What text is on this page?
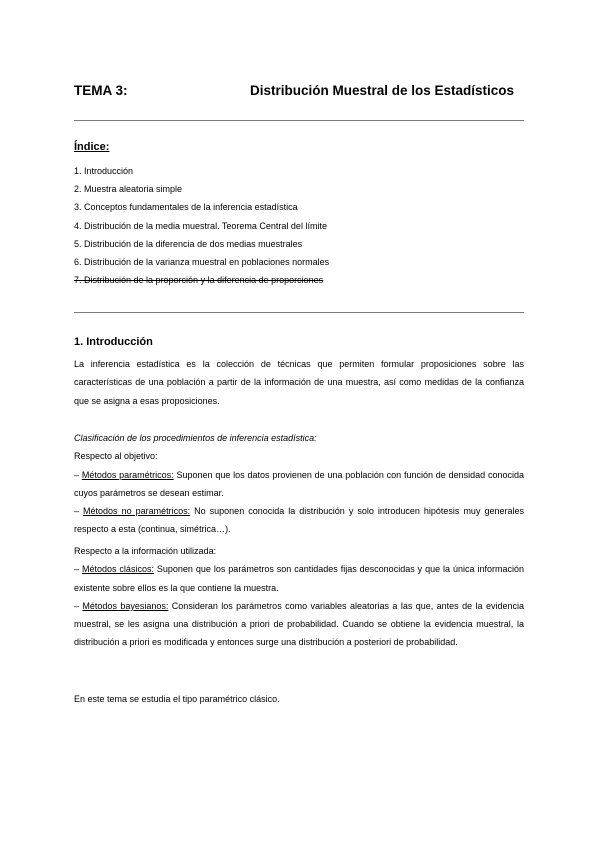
TEMA 3:	Distribución Muestral de los Estadísticos
Índice:
1. Introducción
2. Muestra aleatoria simple
3. Conceptos fundamentales de la inferencia estadística
4. Distribución de la media muestral. Teorema Central del límite
5. Distribución de la diferencia de dos medias muestrales
6. Distribución de la varianza muestral en poblaciones normales
7. Distribución de la proporción y la diferencia de proporciones
1. Introducción

La inferencia estadística es la colección de técnicas que permiten formular proposiciones sobre las características de una población a partir de la información de una muestra, así como medidas de la confianza que se asigna a esas proposiciones.

Clasificación de los procedimientos de inferencia estadística:

Respecto al objetivo:

– Métodos paramétricos: Suponen que los datos provienen de una población con función de densidad conocida cuyos parámetros se desean estimar.

– Métodos no paramétricos: No suponen conocida la distribución y solo introducen hipótesis muy generales respecto a esta (continua, simétrica…).

Respecto a la información utilizada:

– Métodos clásicos: Suponen que los parámetros son cantidades fijas desconocidas y que la única información existente sobre ellos es la que contiene la muestra.

– Métodos bayesianos: Consideran los parámetros como variables aleatorias a las que, antes de la evidencia muestral, se les asigna una distribución a priori de probabilidad. Cuando se obtiene la evidencia muestral, la distribución a priori es modificada y entonces surge una distribución a posteriori de probabilidad.

En este tema se estudia el tipo paramétrico clásico.
